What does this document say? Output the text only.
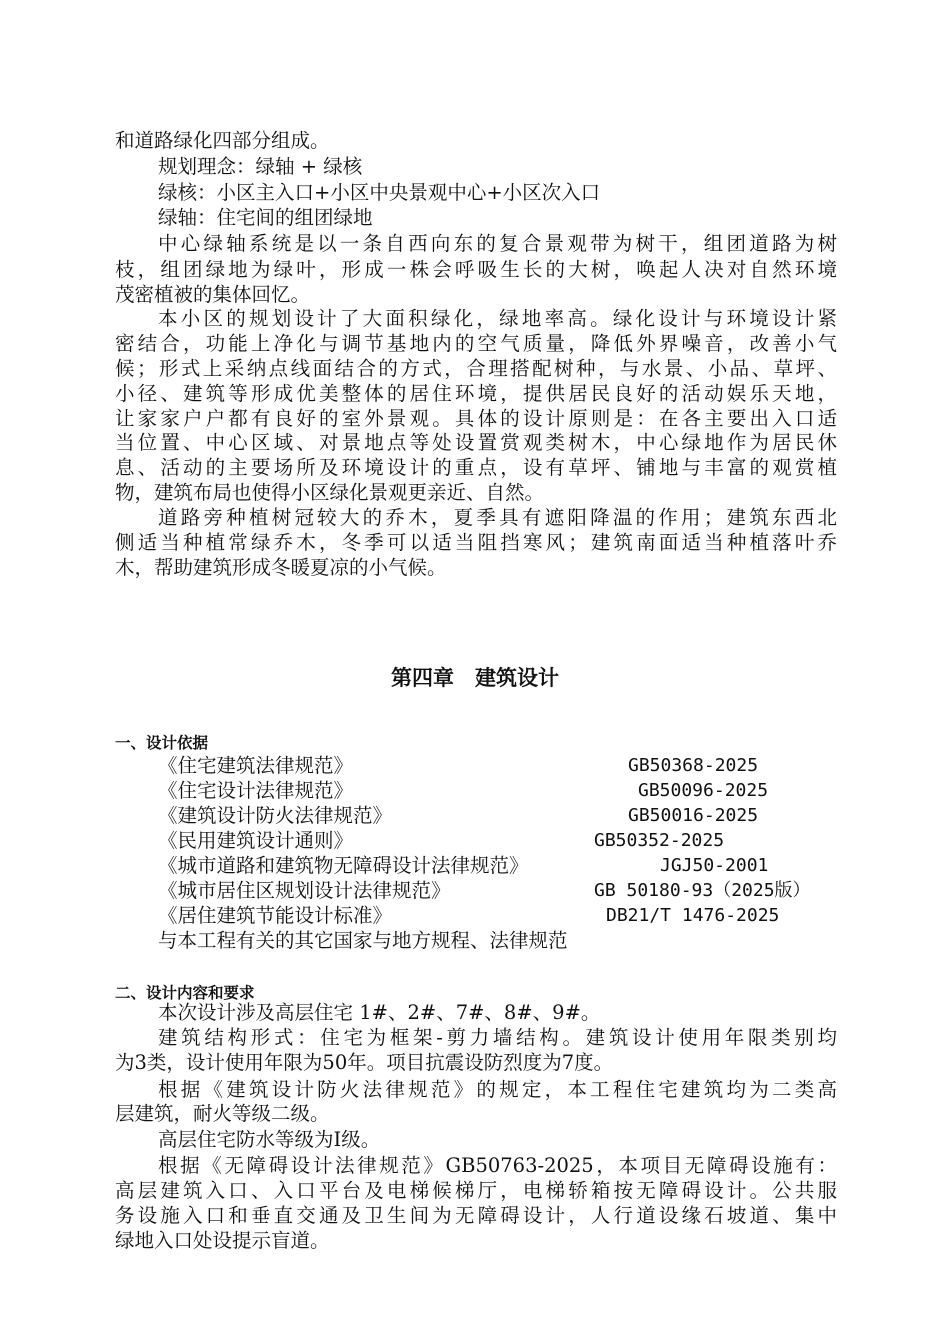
和道路绿化四部分组成。

规划理念：绿轴 + 绿核

绿核：小区主入口+小区中央景观中心+小区次入口

绿轴：住宅间的组团绿地

中心绿轴系统是以一条自西向东的复合景观带为树干，组团道路为树

枝，组团绿地为绿叶，形成一株会呼吸生长的大树，唤起人决对自然环境

茂密植被的集体回忆。

本小区的规划设计了大面积绿化，绿地率高。绿化设计与环境设计紧

密结合，功能上净化与调节基地内的空气质量，降低外界噪音，改善小气

候；形式上采纳点线面结合的方式，合理搭配树种，与水景、小品、草坪、

小径、建筑等形成优美整体的居住环境，提供居民良好的活动娱乐天地，

让家家户户都有良好的室外景观。具体的设计原则是：在各主要出入口适

当位置、中心区域、对景地点等处设置赏观类树木，中心绿地作为居民休

息、活动的主要场所及环境设计的重点，设有草坪、铺地与丰富的观赏植

物，建筑布局也使得小区绿化景观更亲近、自然。

道路旁种植树冠较大的乔木，夏季具有遮阳降温的作用；建筑东西北

侧适当种植常绿乔木，冬季可以适当阻挡寒风；建筑南面适当种植落叶乔

木，帮助建筑形成冬暖夏凉的小气候。

第四章　建筑设计
一、设计依据
《住宅建筑法律规范》	GB50368-2025
《住宅设计法律规范》	GB50096-2025
《建筑设计防火法律规范》	GB50016-2025
《民用建筑设计通则》	GB50352-2025
《城市道路和建筑物无障碍设计法律规范》	JGJ50-2001
《城市居住区规划设计法律规范》	GB 50180-93（2025版）
《居住建筑节能设计标准》	DB21/T 1476-2025

与本工程有关的其它国家与地方规程、法律规范

二、设计内容和要求

本次设计涉及高层住宅 1#、2#、7#、8#、9#。

建筑结构形式：住宅为框架-剪力墙结构。建筑设计使用年限类别均

为3类，设计使用年限为50年。项目抗震设防烈度为7度。

根据《建筑设计防火法律规范》的规定，本工程住宅建筑均为二类高

层建筑，耐火等级二级。

高层住宅防水等级为Ⅰ级。

根据《无障碍设计法律规范》GB50763-2025，本项目无障碍设施有：

高层建筑入口、入口平台及电梯候梯厅，电梯轿箱按无障碍设计。公共服

务设施入口和垂直交通及卫生间为无障碍设计，人行道设缘石坡道、集中

绿地入口处设提示盲道。
